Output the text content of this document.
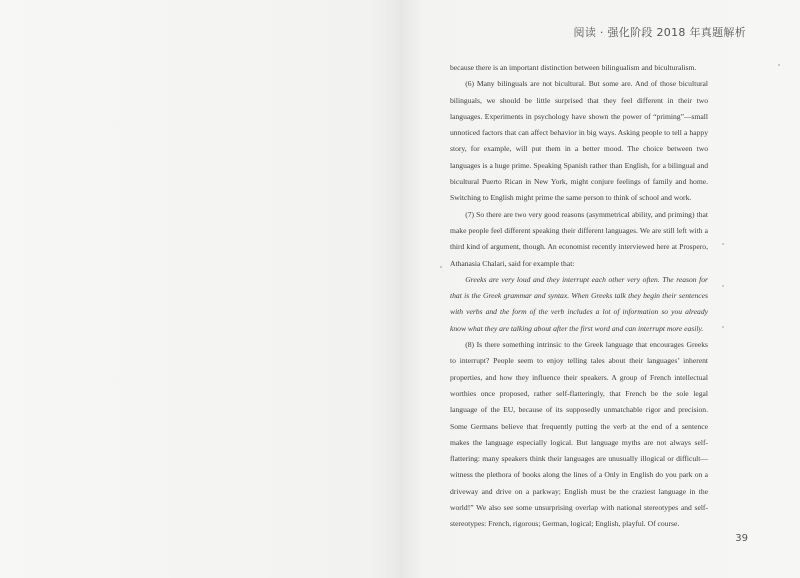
阅读 · 强化阶段 2018 年真题解析

because there is an important distinction between bilingualism and biculturalism.

(6) Many bilinguals are not bicultural. But some are. And of those bicultural bilinguals, we should be little surprised that they feel different in their two languages. Experiments in psychology have shown the power of “priming”—small unnoticed factors that can affect behavior in big ways. Asking people to tell a happy story, for example, will put them in a better mood. The choice between two languages is a huge prime. Speaking Spanish rather than English, for a bilingual and bicultural Puerto Rican in New York, might conjure feelings of family and home. Switching to English might prime the same person to think of school and work.

(7) So there are two very good reasons (asymmetrical ability, and priming) that make people feel different speaking their different languages. We are still left with a third kind of argument, though. An economist recently interviewed here at Prospero, Athanasia Chalari, said for example that:

Greeks are very loud and they interrupt each other very often. The reason for that is the Greek grammar and syntax. When Greeks talk they begin their sentences with verbs and the form of the verb includes a lot of information so you already know what they are talking about after the first word and can interrupt more easily.

(8) Is there something intrinsic to the Greek language that encourages Greeks to interrupt? People seem to enjoy telling tales about their languages’ inherent properties, and how they influence their speakers. A group of French intellectual worthies once proposed, rather self-flatteringly, that French be the sole legal language of the EU, because of its supposedly unmatchable rigor and precision. Some Germans believe that frequently putting the verb at the end of a sentence makes the language especially logical. But language myths are not always self-flattering: many speakers think their languages are unusually illogical or difficult—witness the plethora of books along the lines of a Only in English do you park on a driveway and drive on a parkway; English must be the craziest language in the world!” We also see some unsurprising overlap with national stereotypes and self-stereotypes: French, rigorous; German, logical; English, playful. Of course.

39
